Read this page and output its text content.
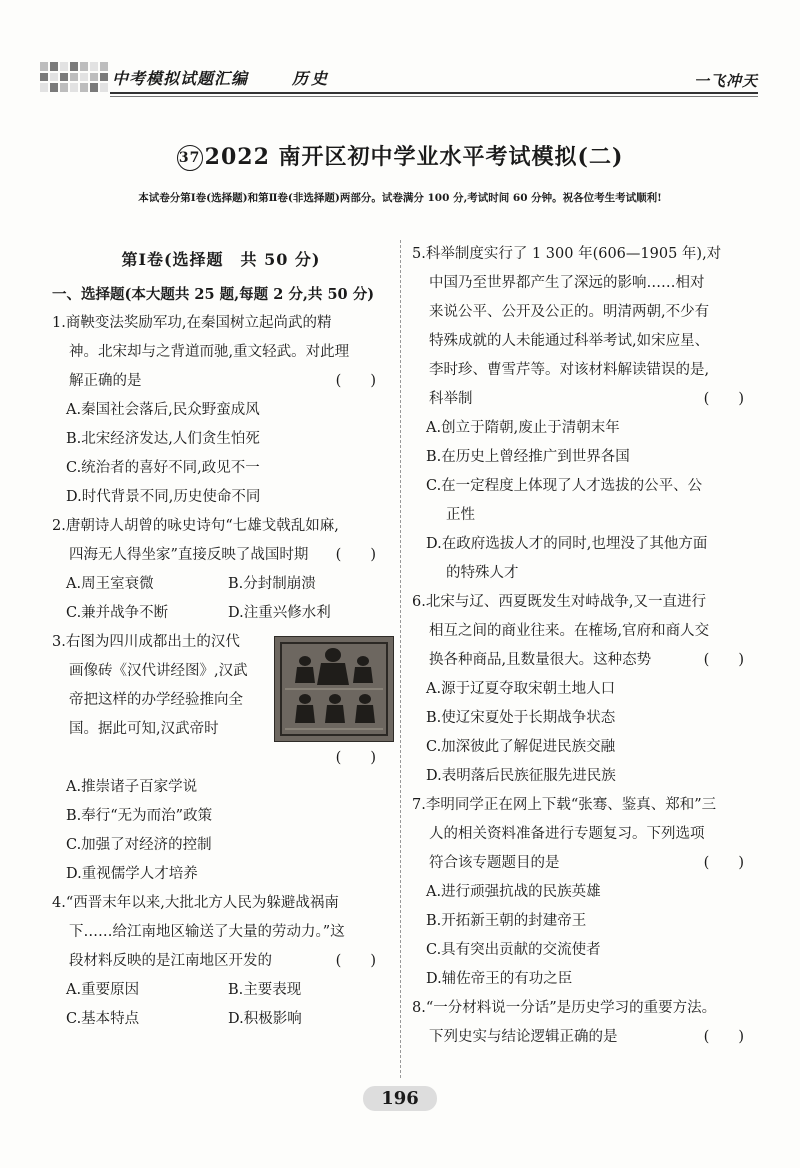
中考模拟试题汇编	历史	一飞冲天
37 2022 南开区初中学业水平考试模拟(二)
本试卷分第Ⅰ卷(选择题)和第Ⅱ卷(非选择题)两部分。试卷满分 100 分,考试时间 60 分钟。祝各位考生考试顺利!

第Ⅰ卷(选择题　共 50 分)

一、选择题(本大题共 25 题,每题 2 分,共 50 分)

1.商鞅变法奖励军功,在秦国树立起尚武的精

神。北宋却与之背道而驰,重文轻武。对此理

解正确的是	(　　)

A.秦国社会落后,民众野蛮成风

B.北宋经济发达,人们贪生怕死

C.统治者的喜好不同,政见不一

D.时代背景不同,历史使命不同

2.唐朝诗人胡曾的咏史诗句“七雄戈戟乱如麻,

四海无人得坐家”直接反映了战国时期 (　　)

A.周王室衰微	B.分封制崩溃

C.兼并战争不断	D.注重兴修水利

3.右图为四川成都出土的汉代

画像砖《汉代讲经图》,汉武

帝把这样的办学经验推向全

国。据此可知,汉武帝时

(　　)

A.推崇诸子百家学说

B.奉行“无为而治”政策

C.加强了对经济的控制

D.重视儒学人才培养

4.“西晋末年以来,大批北方人民为躲避战祸南

下……给江南地区输送了大量的劳动力。”这

段材料反映的是江南地区开发的	(　　)

A.重要原因	B.主要表现

C.基本特点	D.积极影响

5.科举制度实行了 1 300 年(606—1905 年),对

中国乃至世界都产生了深远的影响……相对

来说公平、公开及公正的。明清两朝,不少有

特殊成就的人未能通过科举考试,如宋应星、

李时珍、曹雪芹等。对该材料解读错误的是,

科举制	(　　)

A.创立于隋朝,废止于清朝末年

B.在历史上曾经推广到世界各国

C.在一定程度上体现了人才选拔的公平、公

正性

D.在政府选拔人才的同时,也埋没了其他方面

的特殊人才

6.北宋与辽、西夏既发生对峙战争,又一直进行

相互之间的商业往来。在榷场,官府和商人交

换各种商品,且数量很大。这种态势	(　　)

A.源于辽夏夺取宋朝土地人口

B.使辽宋夏处于长期战争状态

C.加深彼此了解促进民族交融

D.表明落后民族征服先进民族

7.李明同学正在网上下载“张骞、鉴真、郑和”三

人的相关资料准备进行专题复习。下列选项

符合该专题题目的是	(　　)

A.进行顽强抗战的民族英雄

B.开拓新王朝的封建帝王

C.具有突出贡献的交流使者

D.辅佐帝王的有功之臣

8.“一分材料说一分话”是历史学习的重要方法。

下列史实与结论逻辑正确的是	(　　)

196
